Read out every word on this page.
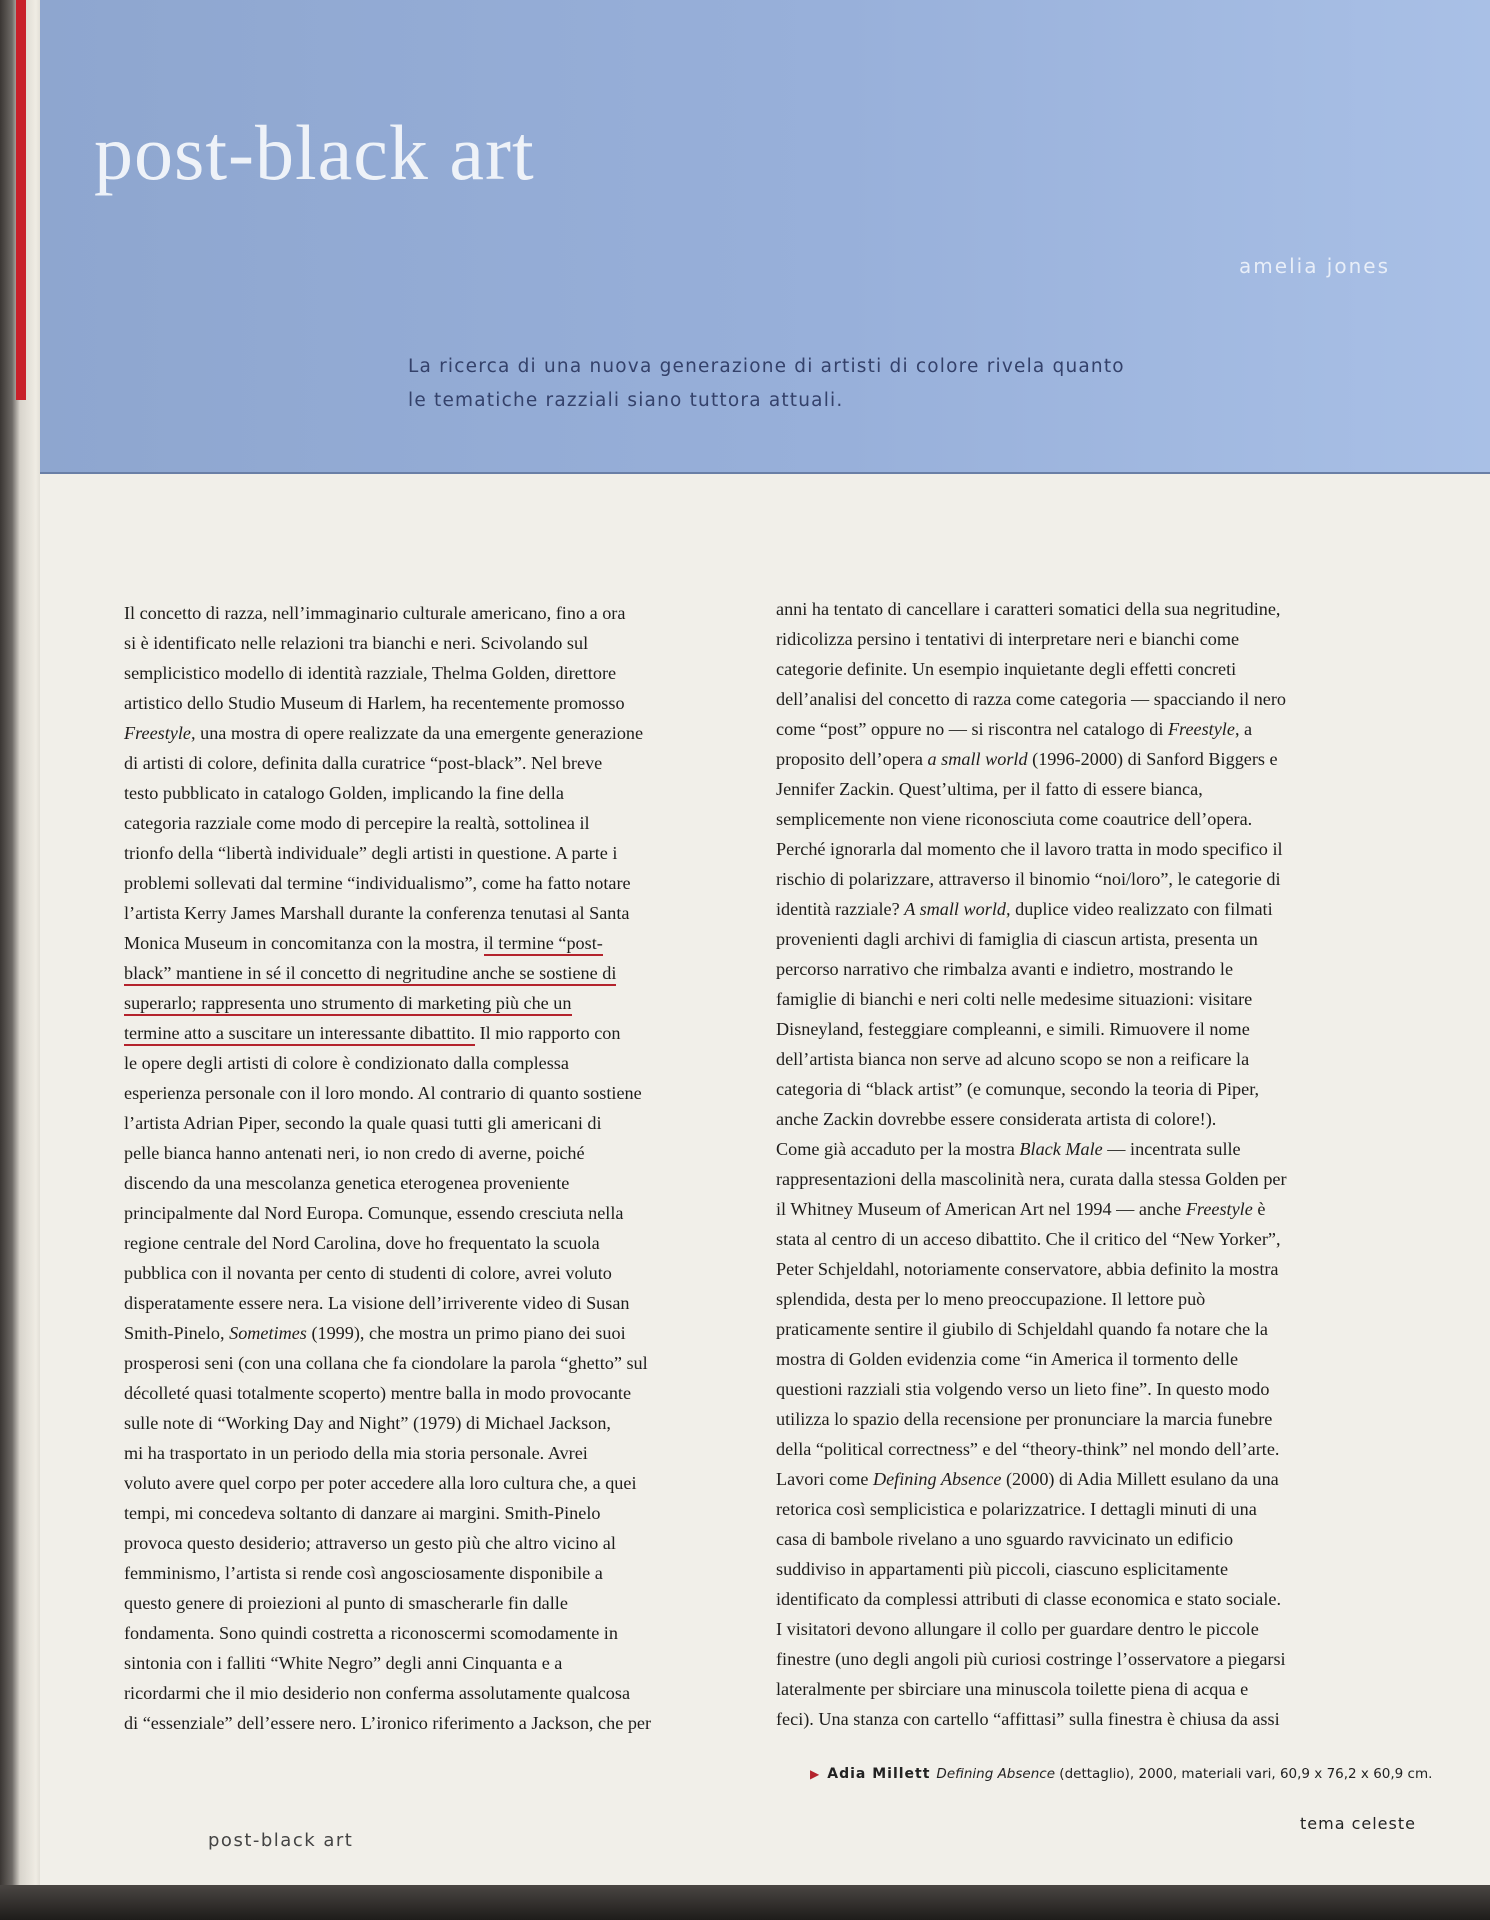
post-black art
amelia jones
La ricerca di una nuova generazione di artisti di colore rivela quanto
le tematiche razziali siano tuttora attuali.
Il concetto di razza, nell’immaginario culturale americano, fino a ora
si è identificato nelle relazioni tra bianchi e neri. Scivolando sul
semplicistico modello di identità razziale, Thelma Golden, direttore
artistico dello Studio Museum di Harlem, ha recentemente promosso
Freestyle, una mostra di opere realizzate da una emergente generazione
di artisti di colore, definita dalla curatrice “post-black”. Nel breve
testo pubblicato in catalogo Golden, implicando la fine della
categoria razziale come modo di percepire la realtà, sottolinea il
trionfo della “libertà individuale” degli artisti in questione. A parte i
problemi sollevati dal termine “individualismo”, come ha fatto notare
l’artista Kerry James Marshall durante la conferenza tenutasi al Santa
Monica Museum in concomitanza con la mostra, il termine “post-
black” mantiene in sé il concetto di negritudine anche se sostiene di
superarlo; rappresenta uno strumento di marketing più che un
termine atto a suscitare un interessante dibattito. Il mio rapporto con
le opere degli artisti di colore è condizionato dalla complessa
esperienza personale con il loro mondo. Al contrario di quanto sostiene
l’artista Adrian Piper, secondo la quale quasi tutti gli americani di
pelle bianca hanno antenati neri, io non credo di averne, poiché
discendo da una mescolanza genetica eterogenea proveniente
principalmente dal Nord Europa. Comunque, essendo cresciuta nella
regione centrale del Nord Carolina, dove ho frequentato la scuola
pubblica con il novanta per cento di studenti di colore, avrei voluto
disperatamente essere nera. La visione dell’irriverente video di Susan
Smith-Pinelo, Sometimes (1999), che mostra un primo piano dei suoi
prosperosi seni (con una collana che fa ciondolare la parola “ghetto” sul
décolleté quasi totalmente scoperto) mentre balla in modo provocante
sulle note di “Working Day and Night” (1979) di Michael Jackson,
mi ha trasportato in un periodo della mia storia personale. Avrei
voluto avere quel corpo per poter accedere alla loro cultura che, a quei
tempi, mi concedeva soltanto di danzare ai margini. Smith-Pinelo
provoca questo desiderio; attraverso un gesto più che altro vicino al
femminismo, l’artista si rende così angosciosamente disponibile a
questo genere di proiezioni al punto di smascherarle fin dalle
fondamenta. Sono quindi costretta a riconoscermi scomodamente in
sintonia con i falliti “White Negro” degli anni Cinquanta e a
ricordarmi che il mio desiderio non conferma assolutamente qualcosa
di “essenziale” dell’essere nero. L’ironico riferimento a Jackson, che per
anni ha tentato di cancellare i caratteri somatici della sua negritudine,
ridicolizza persino i tentativi di interpretare neri e bianchi come
categorie definite. Un esempio inquietante degli effetti concreti
dell’analisi del concetto di razza come categoria — spacciando il nero
come “post” oppure no — si riscontra nel catalogo di Freestyle, a
proposito dell’opera a small world (1996-2000) di Sanford Biggers e
Jennifer Zackin. Quest’ultima, per il fatto di essere bianca,
semplicemente non viene riconosciuta come coautrice dell’opera.
Perché ignorarla dal momento che il lavoro tratta in modo specifico il
rischio di polarizzare, attraverso il binomio “noi/loro”, le categorie di
identità razziale? A small world, duplice video realizzato con filmati
provenienti dagli archivi di famiglia di ciascun artista, presenta un
percorso narrativo che rimbalza avanti e indietro, mostrando le
famiglie di bianchi e neri colti nelle medesime situazioni: visitare
Disneyland, festeggiare compleanni, e simili. Rimuovere il nome
dell’artista bianca non serve ad alcuno scopo se non a reificare la
categoria di “black artist” (e comunque, secondo la teoria di Piper,
anche Zackin dovrebbe essere considerata artista di colore!).
Come già accaduto per la mostra Black Male — incentrata sulle
rappresentazioni della mascolinità nera, curata dalla stessa Golden per
il Whitney Museum of American Art nel 1994 — anche Freestyle è
stata al centro di un acceso dibattito. Che il critico del “New Yorker”,
Peter Schjeldahl, notoriamente conservatore, abbia definito la mostra
splendida, desta per lo meno preoccupazione. Il lettore può
praticamente sentire il giubilo di Schjeldahl quando fa notare che la
mostra di Golden evidenzia come “in America il tormento delle
questioni razziali stia volgendo verso un lieto fine”. In questo modo
utilizza lo spazio della recensione per pronunciare la marcia funebre
della “political correctness” e del “theory-think” nel mondo dell’arte.
Lavori come Defining Absence (2000) di Adia Millett esulano da una
retorica così semplicistica e polarizzatrice. I dettagli minuti di una
casa di bambole rivelano a uno sguardo ravvicinato un edificio
suddiviso in appartamenti più piccoli, ciascuno esplicitamente
identificato da complessi attributi di classe economica e stato sociale.
I visitatori devono allungare il collo per guardare dentro le piccole
finestre (uno degli angoli più curiosi costringe l’osservatore a piegarsi
lateralmente per sbirciare una minuscola toilette piena di acqua e
feci). Una stanza con cartello “affittasi” sulla finestra è chiusa da assi
▶ Adia Millett Defining Absence (dettaglio), 2000, materiali vari, 60,9 x 76,2 x 60,9 cm.
post-black art
tema celeste
